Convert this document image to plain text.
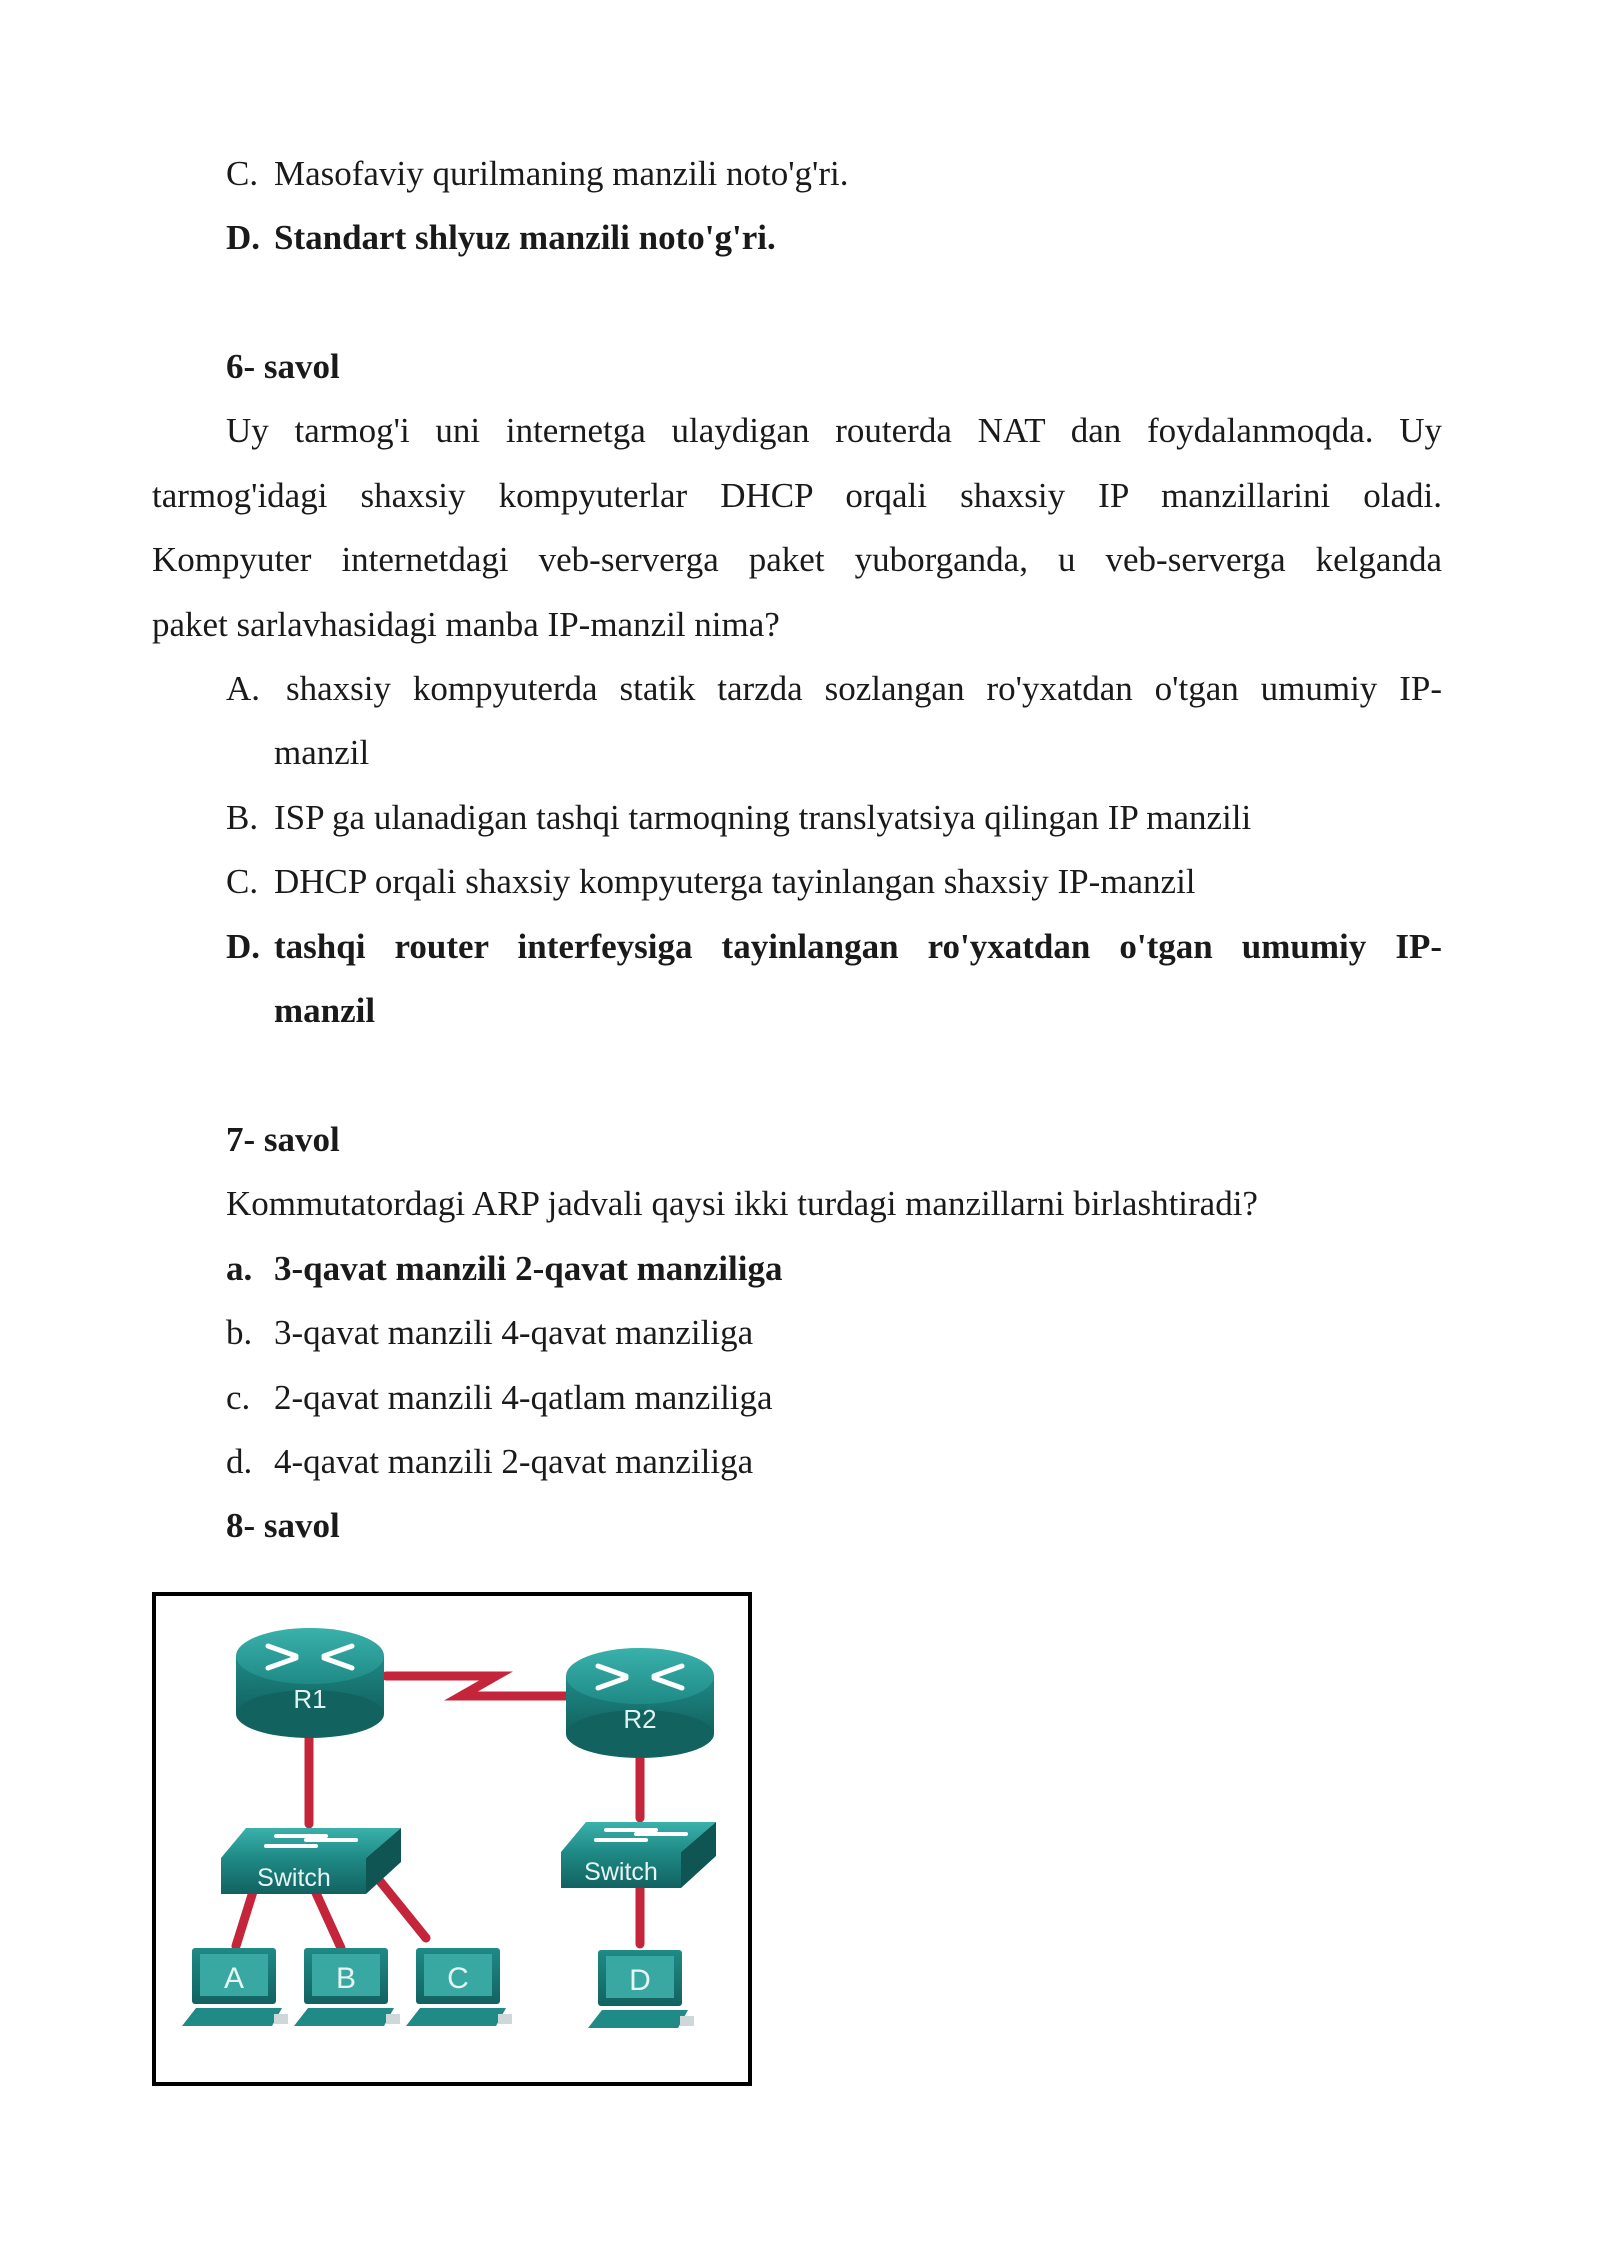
C. Masofaviy qurilmaning manzili noto'g'ri.
D. Standart shlyuz manzili noto'g'ri.
6- savol
Uy tarmog'i uni internetga ulaydigan routerda NAT dan foydalanmoqda. Uy
tarmog'idagi shaxsiy kompyuterlar DHCP orqali shaxsiy IP manzillarini oladi.
Kompyuter internetdagi veb-serverga paket yuborganda, u veb-serverga kelganda
paket sarlavhasidagi manba IP-manzil nima?
A. shaxsiy kompyuterda statik tarzda sozlangan ro'yxatdan o'tgan umumiy IP-
manzil
B. ISP ga ulanadigan tashqi tarmoqning translyatsiya qilingan IP manzili
C. DHCP orqali shaxsiy kompyuterga tayinlangan shaxsiy IP-manzil
D. tashqi router interfeysiga tayinlangan ro'yxatdan o'tgan umumiy IP-
manzil
7- savol
Kommutatordagi ARP jadvali qaysi ikki turdagi manzillarni birlashtiradi?
a. 3-qavat manzili 2-qavat manziliga
b. 3-qavat manzili 4-qavat manziliga
c. 2-qavat manzili 4-qatlam manziliga
d. 4-qavat manzili 2-qavat manziliga
8- savol
R1
R2
Switch	Switch
A	B	C	D
